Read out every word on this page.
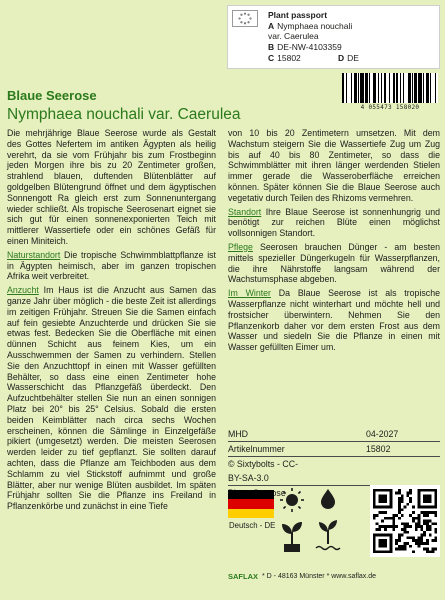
Plant passport
A Nymphaea nouchali
var. Caerulea
B DE-NW-4103359
C 15802	D DE
4 055473 158020
Blaue Seerose
Nymphaea nouchali var. Caerulea

Die mehrjährige Blaue Seerose wurde als Gestalt des Gottes Nefertem im antiken Ägypten als heilig verehrt, da sie vom Frühjahr bis zum Frostbeginn jeden Morgen ihre bis zu 20 Zentimeter großen, strahlend blauen, duftenden Blütenblätter auf goldgelben Blütengrund öffnet und dem ägyptischen Sonnengott Ra gleich erst zum Sonnenuntergang wieder schließt. Als tropische Seerosenart eignet sie sich gut für einen sonnenexponierten Teich mit mittlerer Wassertiefe oder ein schönes Gefäß für einen Miniteich.

Naturstandort Die tropische Schwimmblattpflanze ist in Ägypten heimisch, aber im ganzen tropischen Afrika weit verbreitet.

Anzucht Im Haus ist die Anzucht aus Samen das ganze Jahr über möglich - die beste Zeit ist allerdings im zeitigen Frühjahr. Streuen Sie die Samen einfach auf fein gesiebte Anzuchterde und drücken Sie sie etwas fest. Bedecken Sie die Oberfläche mit einen dünnen Schicht aus feinem Kies, um ein Ausschwemmen der Samen zu verhindern. Stellen Sie den Anzuchttopf in einen mit Wasser gefüllten Behälter, so dass eine einen Zentimeter hohe Wasserschicht das Pflanzgefäß überdeckt. Den Aufzuchtbehälter stellen Sie nun an einen sonnigen Platz bei 20° bis 25° Celsius. Sobald die ersten beiden Keimblätter nach circa sechs Wochen erscheinen, können die Sämlinge in Einzelgefäße pikiert (umgesetzt) werden. Die meisten Seerosen werden leider zu tief gepflanzt. Sie sollten darauf achten, dass die Pflanze am Teichboden aus dem Schlamm zu viel Stickstoff aufnimmt und große Blätter, aber nur wenige Blüten ausbildet. Im späten Frühjahr sollten Sie die Pflanze ins Freiland in Pflanzenkörbe und zunächst in eine Tiefe

von 10 bis 20 Zentimetern umsetzen. Mit dem Wachstum steigern Sie die Wassertiefe Zug um Zug bis auf 40 bis 80 Zentimeter, so dass die Schwimmblätter mit ihren länger werdenden Stielen immer gerade die Wasseroberfläche erreichen können. Später können Sie die Blaue Seerose auch vegetativ durch Teilen des Rhizoms vermehren.

Standort Ihre Blaue Seerose ist sonnenhungrig und benötigt zur reichen Blüte einen möglichst vollsonnigen Standort.

Pflege Seerosen brauchen Dünger - am besten mittels spezieller Düngerkugeln für Wasserpflanzen, die ihre Nährstoffe langsam während der Wachstumsphase abgeben.

Im Winter Da Blaue Seerose ist als tropische Wasserpflanze nicht winterhart und möchte hell und frostsicher überwintern. Nehmen Sie den Pflanzenkorb daher vor dem ersten Frost aus dem Wasser und siedeln Sie die Pflanze in einen mit Wasser gefüllten Eimer um.

MHD	04-2027
Artikelnummer	15802
© Sixtybolts - CC-BY-SA-3.0
Deutsch - DE
SAFLAX * D - 48163 Münster * www.saflax.de
